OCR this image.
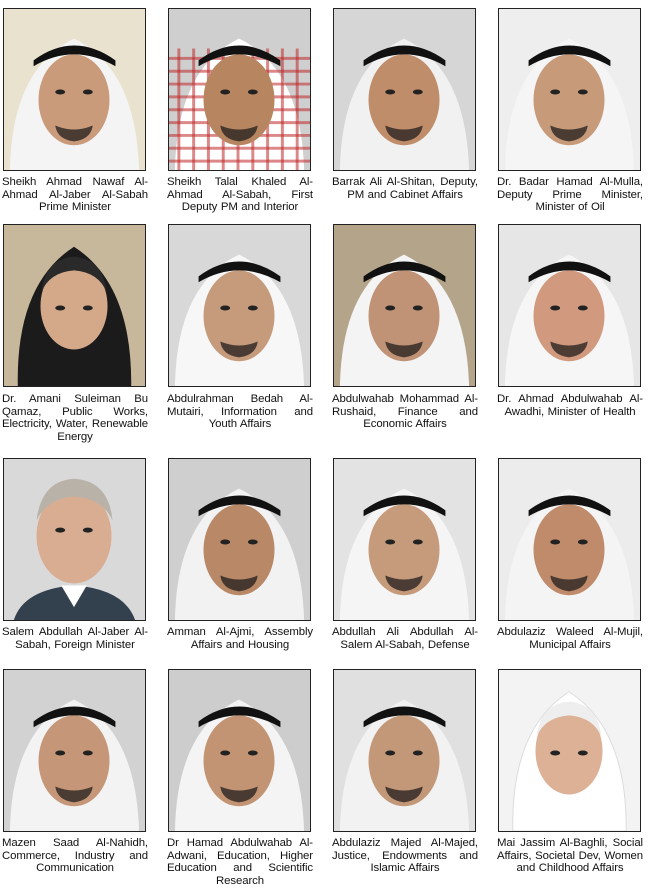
Sheikh Ahmad Nawaf Al-Ahmad Al-Jaber Al-Sabah Prime Minister
Sheikh Talal Khaled Al-Ahmad Al-Sabah, First Deputy PM and Interior
Barrak Ali Al-Shitan, Deputy, PM and Cabinet Affairs
Dr. Badar Hamad Al-Mulla, Deputy Prime Minister, Minister of Oil
Dr. Amani Suleiman Bu Qamaz, Public Works, Electricity, Water, Renewable Energy
Abdulrahman Bedah Al-Mutairi, Information and Youth Affairs
Abdulwahab Mohammad Al-Rushaid, Finance and Economic Affairs
Dr. Ahmad Abdulwahab Al-Awadhi, Minister of Health
Salem Abdullah Al-Jaber Al-Sabah, Foreign Minister
Amman Al-Ajmi, Assembly Affairs and Housing
Abdullah Ali Abdullah Al-Salem Al-Sabah, Defense
Abdulaziz Waleed Al-Mujil, Municipal Affairs
Mazen Saad Al-Nahidh, Commerce, Industry and Communication
Dr Hamad Abdulwahab Al-Adwani, Education, Higher Education and Scientific Research
Abdulaziz Majed Al-Majed, Justice, Endowments and Islamic Affairs
Mai Jassim Al-Baghli, Social Affairs, Societal Dev, Women and Childhood Affairs
